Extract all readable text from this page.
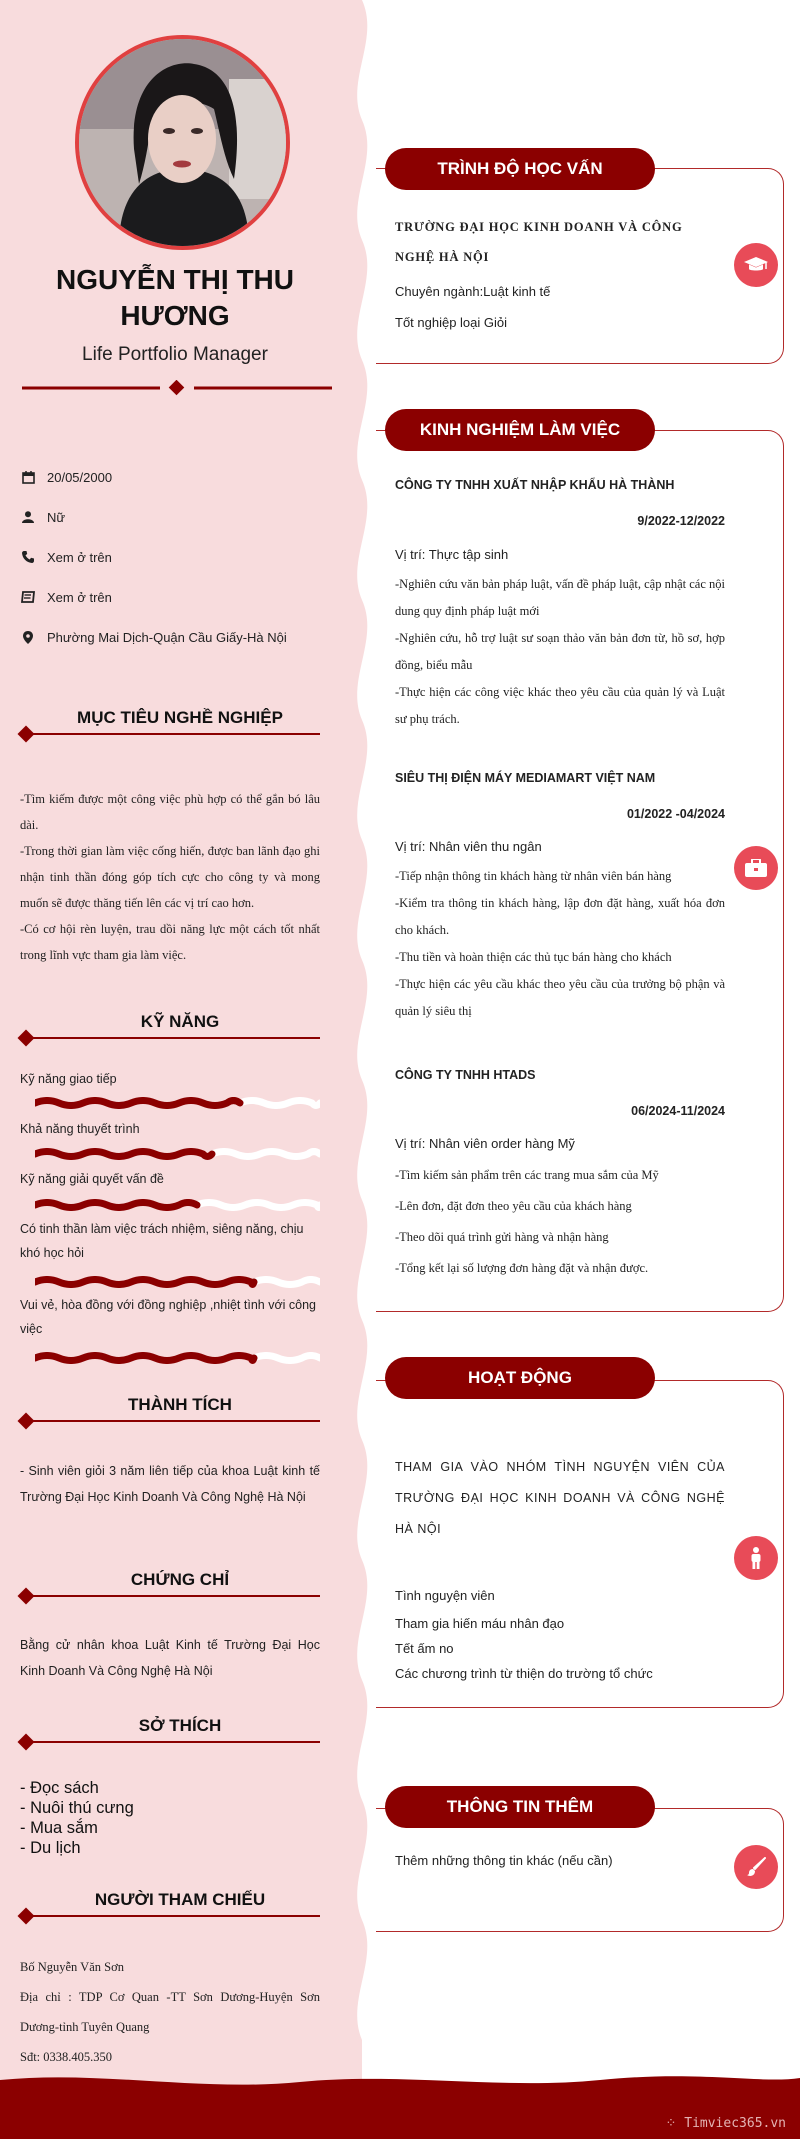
⁘ Timviec365.vn
NGUYỄN THỊ THU
HƯƠNG
Life Portfolio Manager
20/05/2000
Nữ
Xem ở trên
Xem ở trên
Phường Mai Dịch-Quận Cầu Giấy-Hà Nội
MỤC TIÊU NGHỀ NGHIỆP

-Tìm kiếm được một công việc phù hợp có thể gắn bó lâu dài.

-Trong thời gian làm việc cống hiến, được ban lãnh đạo ghi nhận tinh thần đóng góp tích cực cho công ty và mong muốn sẽ được thăng tiến lên các vị trí cao hơn.

-Có cơ hội rèn luyện, trau dồi năng lực một cách tốt nhất trong lĩnh vực tham gia làm việc.

KỸ NĂNG
Kỹ năng giao tiếp
Khả năng thuyết trình
Kỹ năng giải quyết vấn đề
Có tinh thần làm việc trách nhiệm, siêng năng, chịu khó học hỏi
Vui vẻ, hòa đồng với đồng nghiệp ,nhiệt tình với công việc
THÀNH TÍCH
- Sinh viên giỏi 3 năm liên tiếp của khoa Luật kinh tế Trường Đại Học Kinh Doanh Và Công Nghệ Hà Nội
CHỨNG CHỈ
Bằng cử nhân khoa Luật Kinh tế Trường Đại Học Kinh Doanh Và Công Nghệ Hà Nội
SỞ THÍCH
- Đọc sách
- Nuôi thú cưng
- Mua sắm
- Du lịch
NGƯỜI THAM CHIẾU

Bố Nguyễn Văn Sơn

Địa chỉ : TDP Cơ Quan -TT Sơn Dương-Huyện Sơn Dương-tỉnh Tuyên Quang

Sđt: 0338.405.350

TRÌNH ĐỘ HỌC VẤN
TRƯỜNG ĐẠI HỌC KINH DOANH VÀ CÔNG NGHỆ HÀ NỘI
Chuyên ngành:Luật kinh tế
Tốt nghiệp loại Giỏi
KINH NGHIỆM LÀM VIỆC
CÔNG TY TNHH XUẤT NHẬP KHẨU HÀ THÀNH
9/2022-12/2022
Vị trí: Thực tập sinh

-Nghiên cứu văn bản pháp luật, vấn đề pháp luật, cập nhật các nội dung quy định pháp luật mới

-Nghiên cứu, hỗ trợ luật sư soạn thảo văn bản đơn từ, hồ sơ, hợp đồng, biểu mẫu

-Thực hiện các công việc khác theo yêu cầu của quản lý và Luật sư phụ trách.

SIÊU THỊ ĐIỆN MÁY MEDIAMART VIỆT NAM
01/2022 -04/2024
Vị trí: Nhân viên thu ngân

-Tiếp nhận thông tin khách hàng từ nhân viên bán hàng

-Kiểm tra thông tin khách hàng, lập đơn đặt hàng, xuất hóa đơn cho khách.

-Thu tiền và hoàn thiện các thủ tục bán hàng cho khách

-Thực hiện các yêu cầu khác theo yêu cầu của trưởng bộ phận và quản lý siêu thị

CÔNG TY TNHH HTADS
06/2024-11/2024
Vị trí: Nhân viên order hàng Mỹ

-Tìm kiếm sản phẩm trên các trang mua sắm của Mỹ

-Lên đơn, đặt đơn theo yêu cầu của khách hàng

-Theo dõi quá trình gửi hàng và nhận hàng

-Tổng kết lại số lượng đơn hàng đặt và nhận được.

HOẠT ĐỘNG
THAM GIA VÀO NHÓM TÌNH NGUYỆN VIÊN CỦA TRƯỜNG ĐẠI HỌC KINH DOANH VÀ CÔNG NGHỆ HÀ NỘI
Tình nguyện viên
Tham gia hiến máu nhân đạo
Tết ấm no
Các chương trình từ thiện do trường tổ chức
THÔNG TIN THÊM
Thêm những thông tin khác (nếu cần)
